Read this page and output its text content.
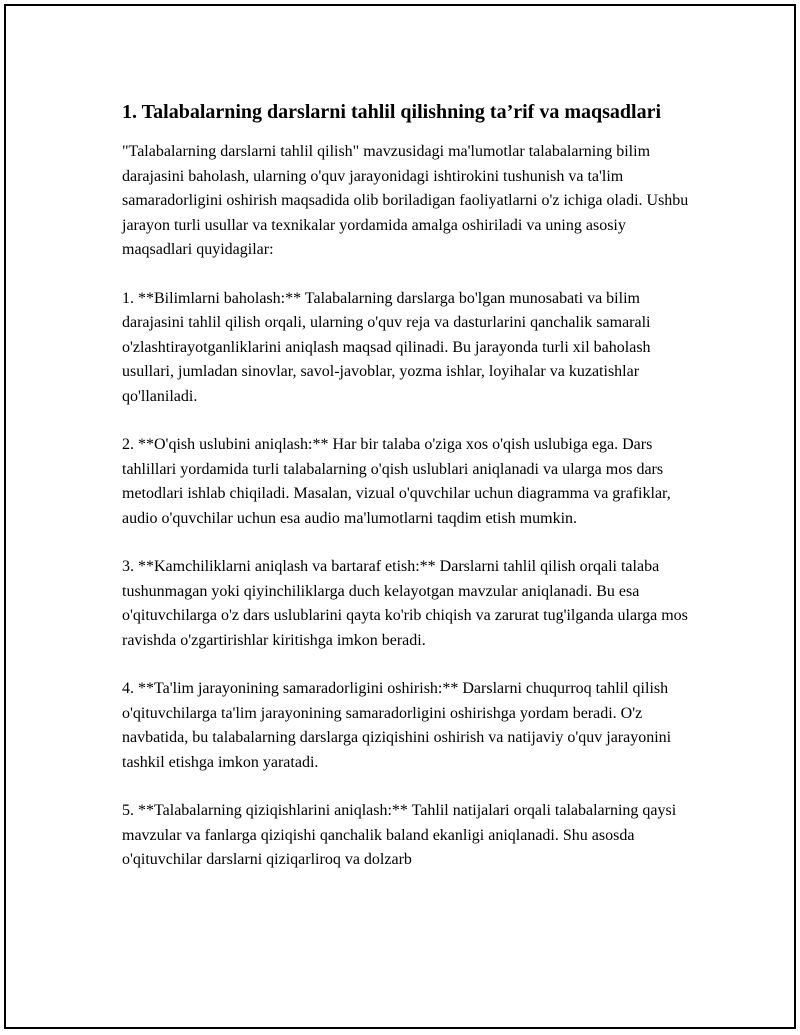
1. Talabalarning darslarni tahlil qilishning ta’rif va maqsadlari

"Talabalarning darslarni tahlil qilish" mavzusidagi ma'lumotlar talabalarning bilim darajasini baholash, ularning o'quv jarayonidagi ishtirokini tushunish va ta'lim samaradorligini oshirish maqsadida olib boriladigan faoliyatlarni o'z ichiga oladi. Ushbu jarayon turli usullar va texnikalar yordamida amalga oshiriladi va uning asosiy maqsadlari quyidagilar:

1. **Bilimlarni baholash:** Talabalarning darslarga bo'lgan munosabati va bilim darajasini tahlil qilish orqali, ularning o'quv reja va dasturlarini qanchalik samarali o'zlashtirayotganliklarini aniqlash maqsad qilinadi. Bu jarayonda turli xil baholash usullari, jumladan sinovlar, savol-javoblar, yozma ishlar, loyihalar va kuzatishlar qo'llaniladi.

2. **O'qish uslubini aniqlash:** Har bir talaba o'ziga xos o'qish uslubiga ega. Dars tahlillari yordamida turli talabalarning o'qish uslublari aniqlanadi va ularga mos dars metodlari ishlab chiqiladi. Masalan, vizual o'quvchilar uchun diagramma va grafiklar, audio o'quvchilar uchun esa audio ma'lumotlarni taqdim etish mumkin.

3. **Kamchiliklarni aniqlash va bartaraf etish:** Darslarni tahlil qilish orqali talaba tushunmagan yoki qiyinchiliklarga duch kelayotgan mavzular aniqlanadi. Bu esa o'qituvchilarga o'z dars uslublarini qayta ko'rib chiqish va zarurat tug'ilganda ularga mos ravishda o'zgartirishlar kiritishga imkon beradi.

4. **Ta'lim jarayonining samaradorligini oshirish:** Darslarni chuqurroq tahlil qilish o'qituvchilarga ta'lim jarayonining samaradorligini oshirishga yordam beradi. O'z navbatida, bu talabalarning darslarga qiziqishini oshirish va natijaviy o'quv jarayonini tashkil etishga imkon yaratadi.

5. **Talabalarning qiziqishlarini aniqlash:** Tahlil natijalari orqali talabalarning qaysi mavzular va fanlarga qiziqishi qanchalik baland ekanligi aniqlanadi. Shu asosda o'qituvchilar darslarni qiziqarliroq va dolzarb
